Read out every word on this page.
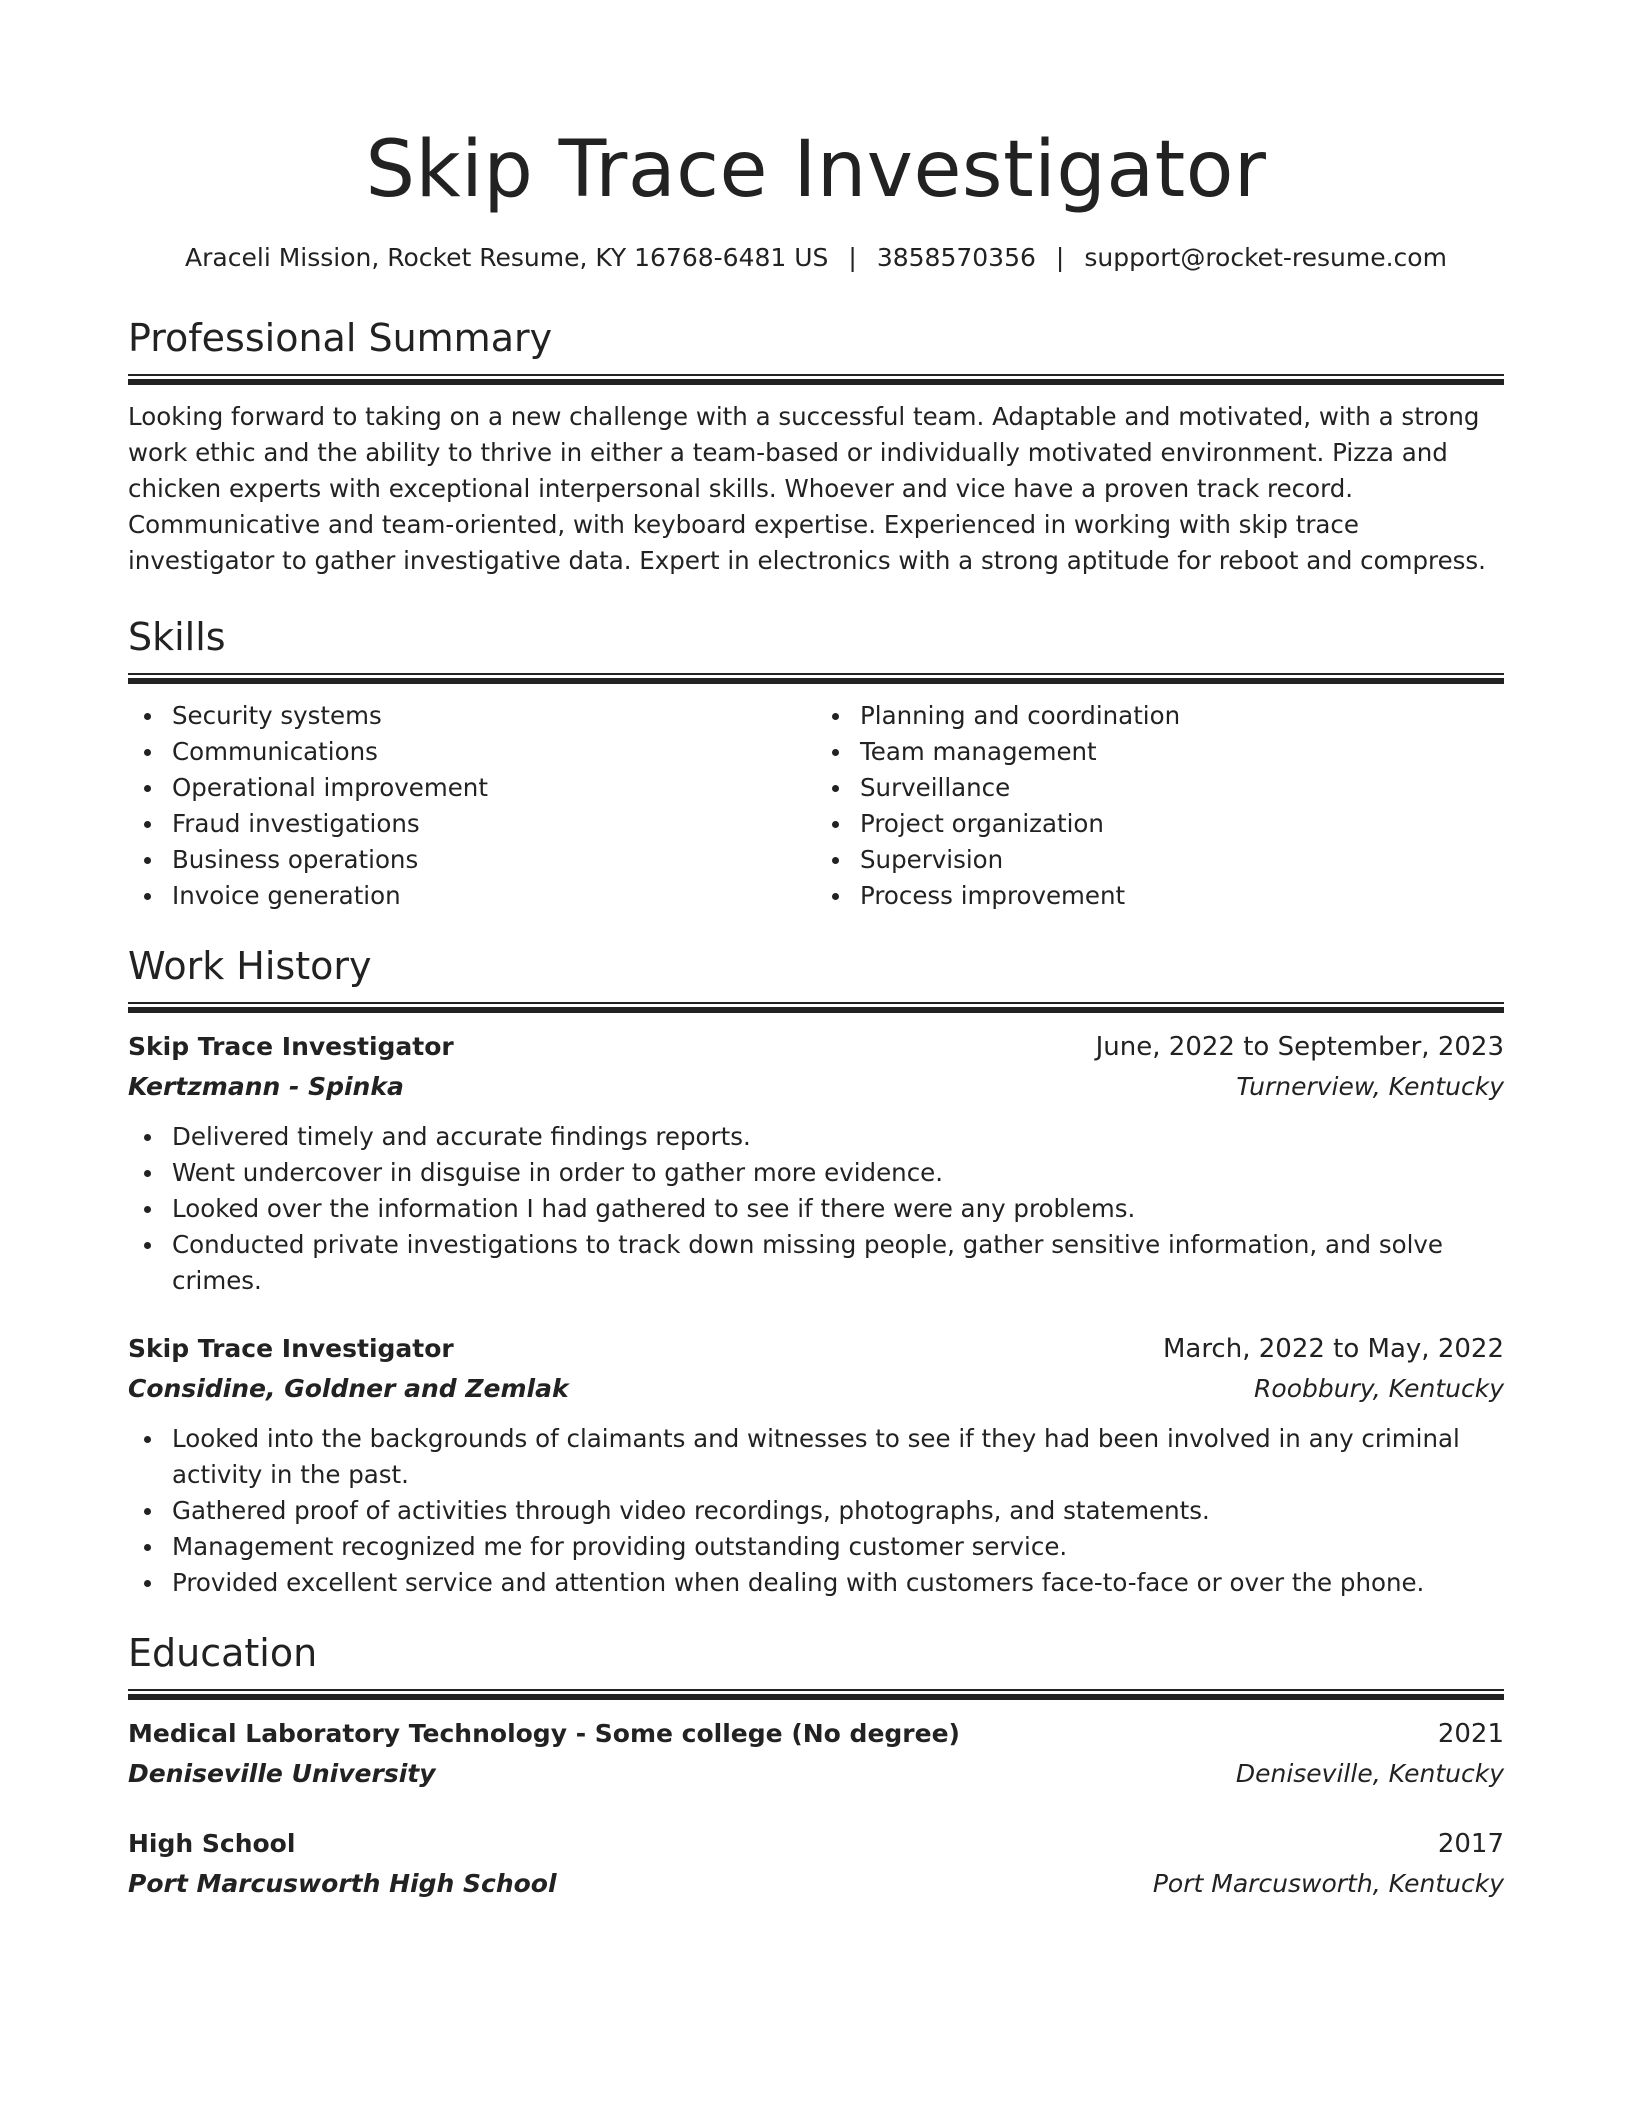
Skip Trace Investigator
Araceli Mission, Rocket Resume, KY 16768-6481 US | 3858570356 | support@rocket-resume.com
Professional Summary

Looking forward to taking on a new challenge with a successful team. Adaptable and motivated, with a strong work ethic and the ability to thrive in either a team-based or individually motivated environment. Pizza and chicken experts with exceptional interpersonal skills. Whoever and vice have a proven track record. Communicative and team-oriented, with keyboard expertise. Experienced in working with skip trace investigator to gather investigative data. Expert in electronics with a strong aptitude for reboot and compress.

Skills
Security systems
Communications
Operational improvement
Fraud investigations
Business operations
Invoice generation
Planning and coordination
Team management
Surveillance
Project organization
Supervision
Process improvement
Work History
Skip Trace Investigator	June, 2022 to September, 2023
Kertzmann - Spinka	Turnerview, Kentucky
Delivered timely and accurate findings reports.
Went undercover in disguise in order to gather more evidence.
Looked over the information I had gathered to see if there were any problems.
Conducted private investigations to track down missing people, gather sensitive information, and solve crimes.
Skip Trace Investigator	March, 2022 to May, 2022
Considine, Goldner and Zemlak	Roobbury, Kentucky
Looked into the backgrounds of claimants and witnesses to see if they had been involved in any criminal activity in the past.
Gathered proof of activities through video recordings, photographs, and statements.
Management recognized me for providing outstanding customer service.
Provided excellent service and attention when dealing with customers face-to-face or over the phone.
Education
Medical Laboratory Technology - Some college (No degree)	2021
Deniseville University	Deniseville, Kentucky
High School	2017
Port Marcusworth High School	Port Marcusworth, Kentucky
